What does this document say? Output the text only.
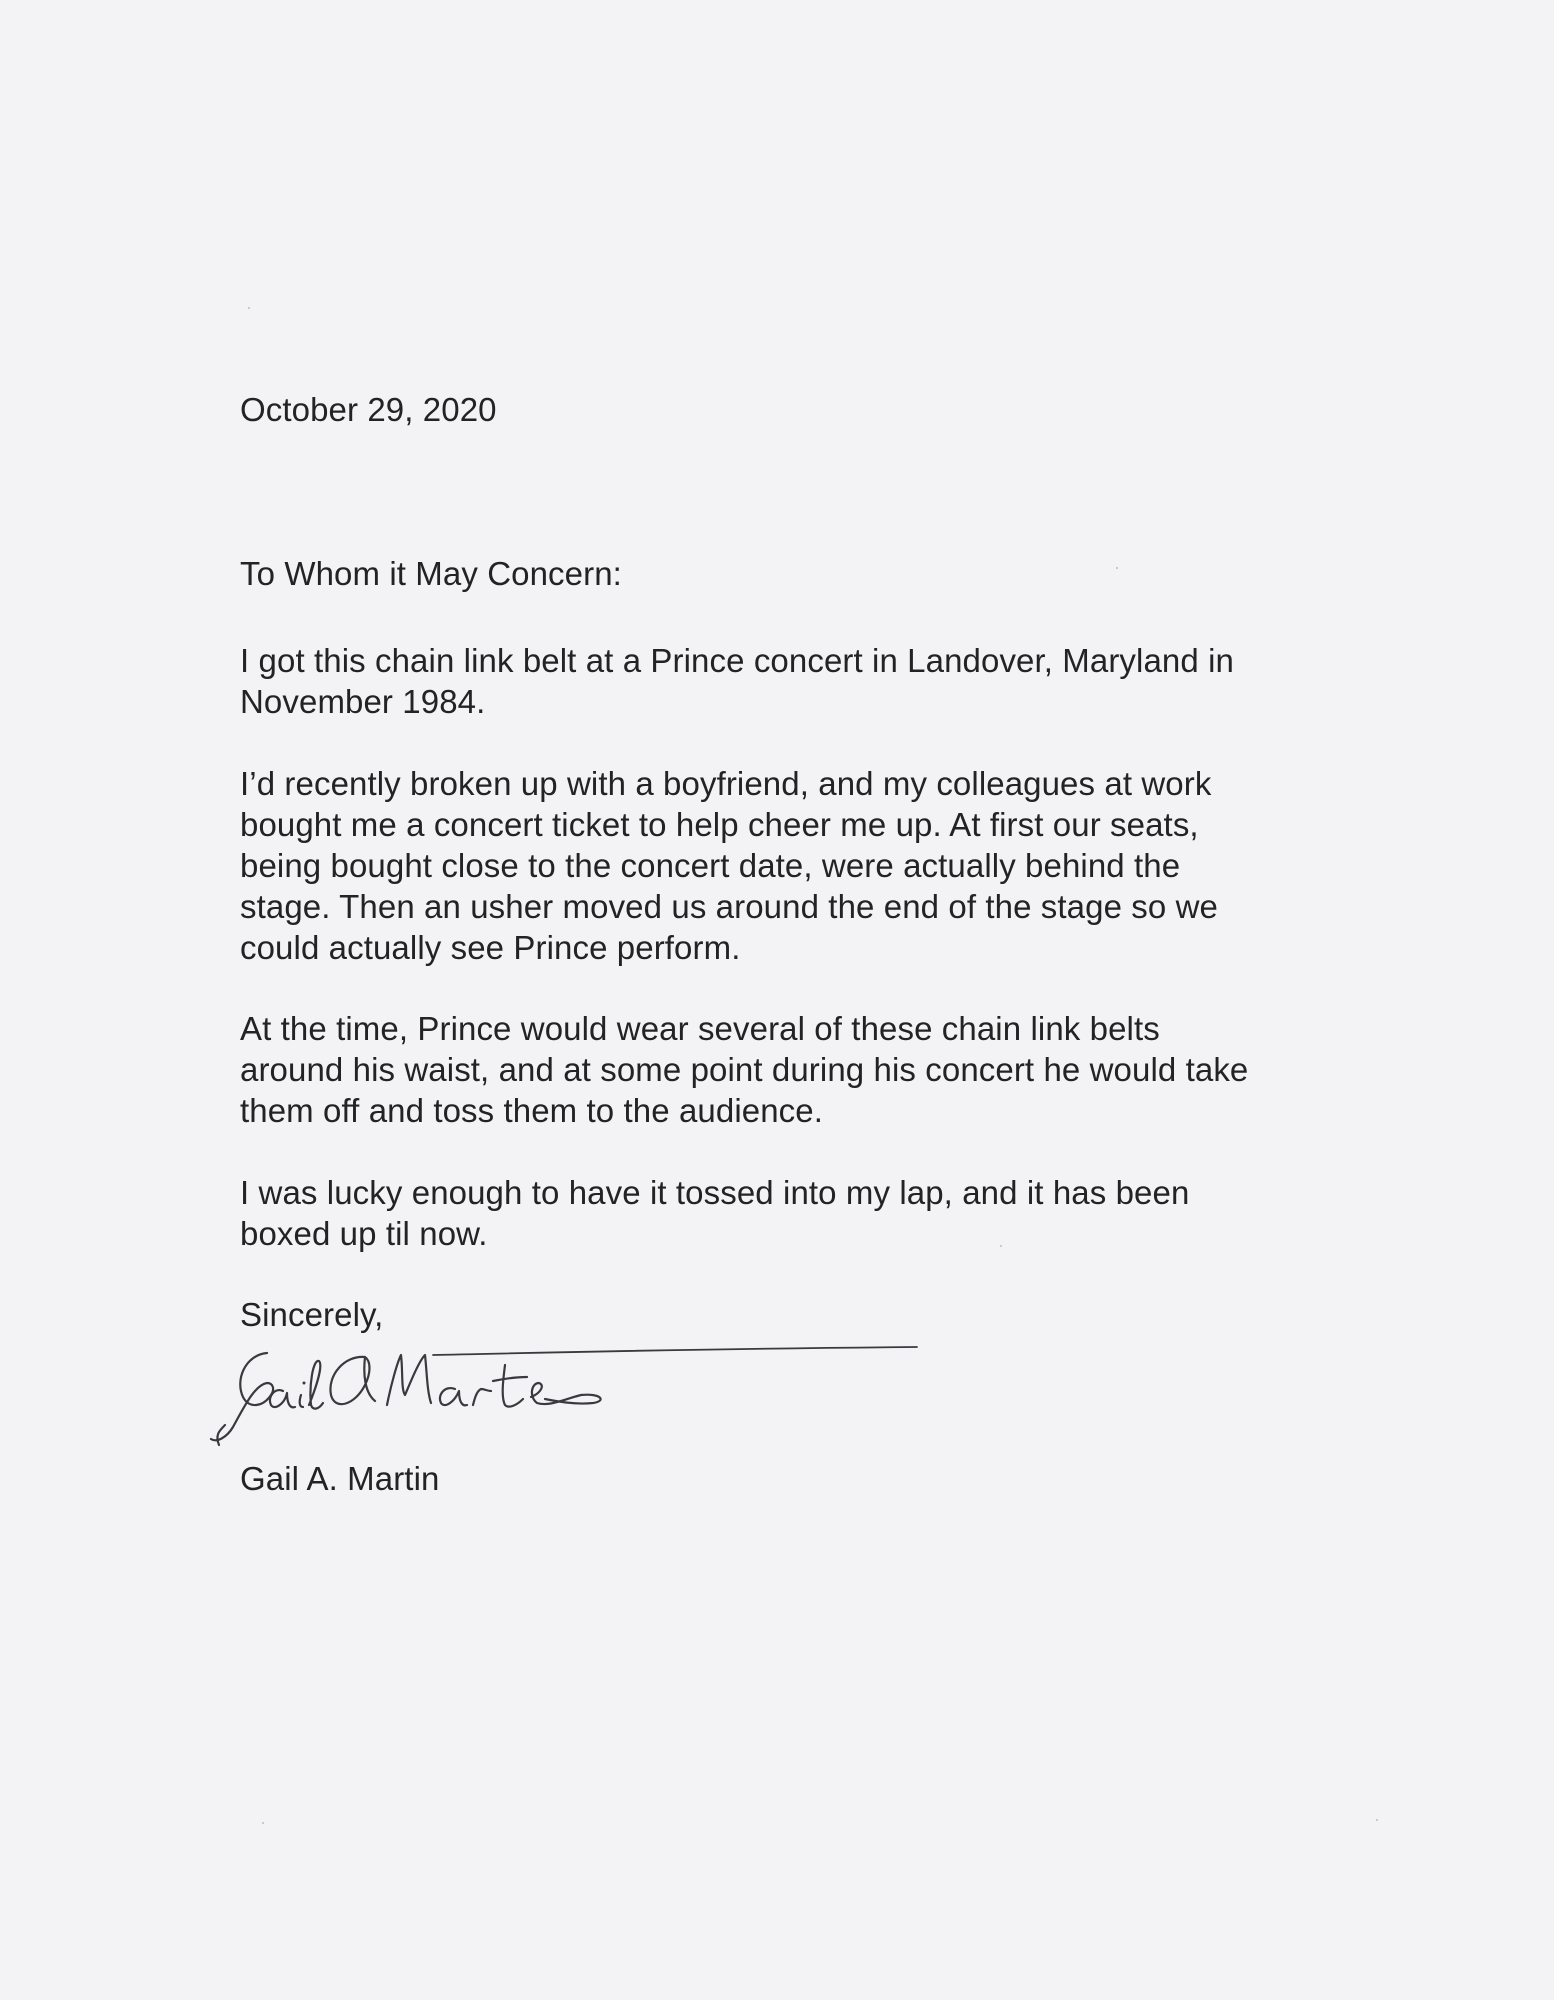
October 29, 2020
To Whom it May Concern:
I got this chain link belt at a Prince concert in Landover, Maryland in
November 1984.
I’d recently broken up with a boyfriend, and my colleagues at work
bought me a concert ticket to help cheer me up. At first our seats,
being bought close to the concert date, were actually behind the
stage. Then an usher moved us around the end of the stage so we
could actually see Prince perform.
At the time, Prince would wear several of these chain link belts
around his waist, and at some point during his concert he would take
them off and toss them to the audience.
I was lucky enough to have it tossed into my lap, and it has been
boxed up til now.
Sincerely,
Gail A. Martin
